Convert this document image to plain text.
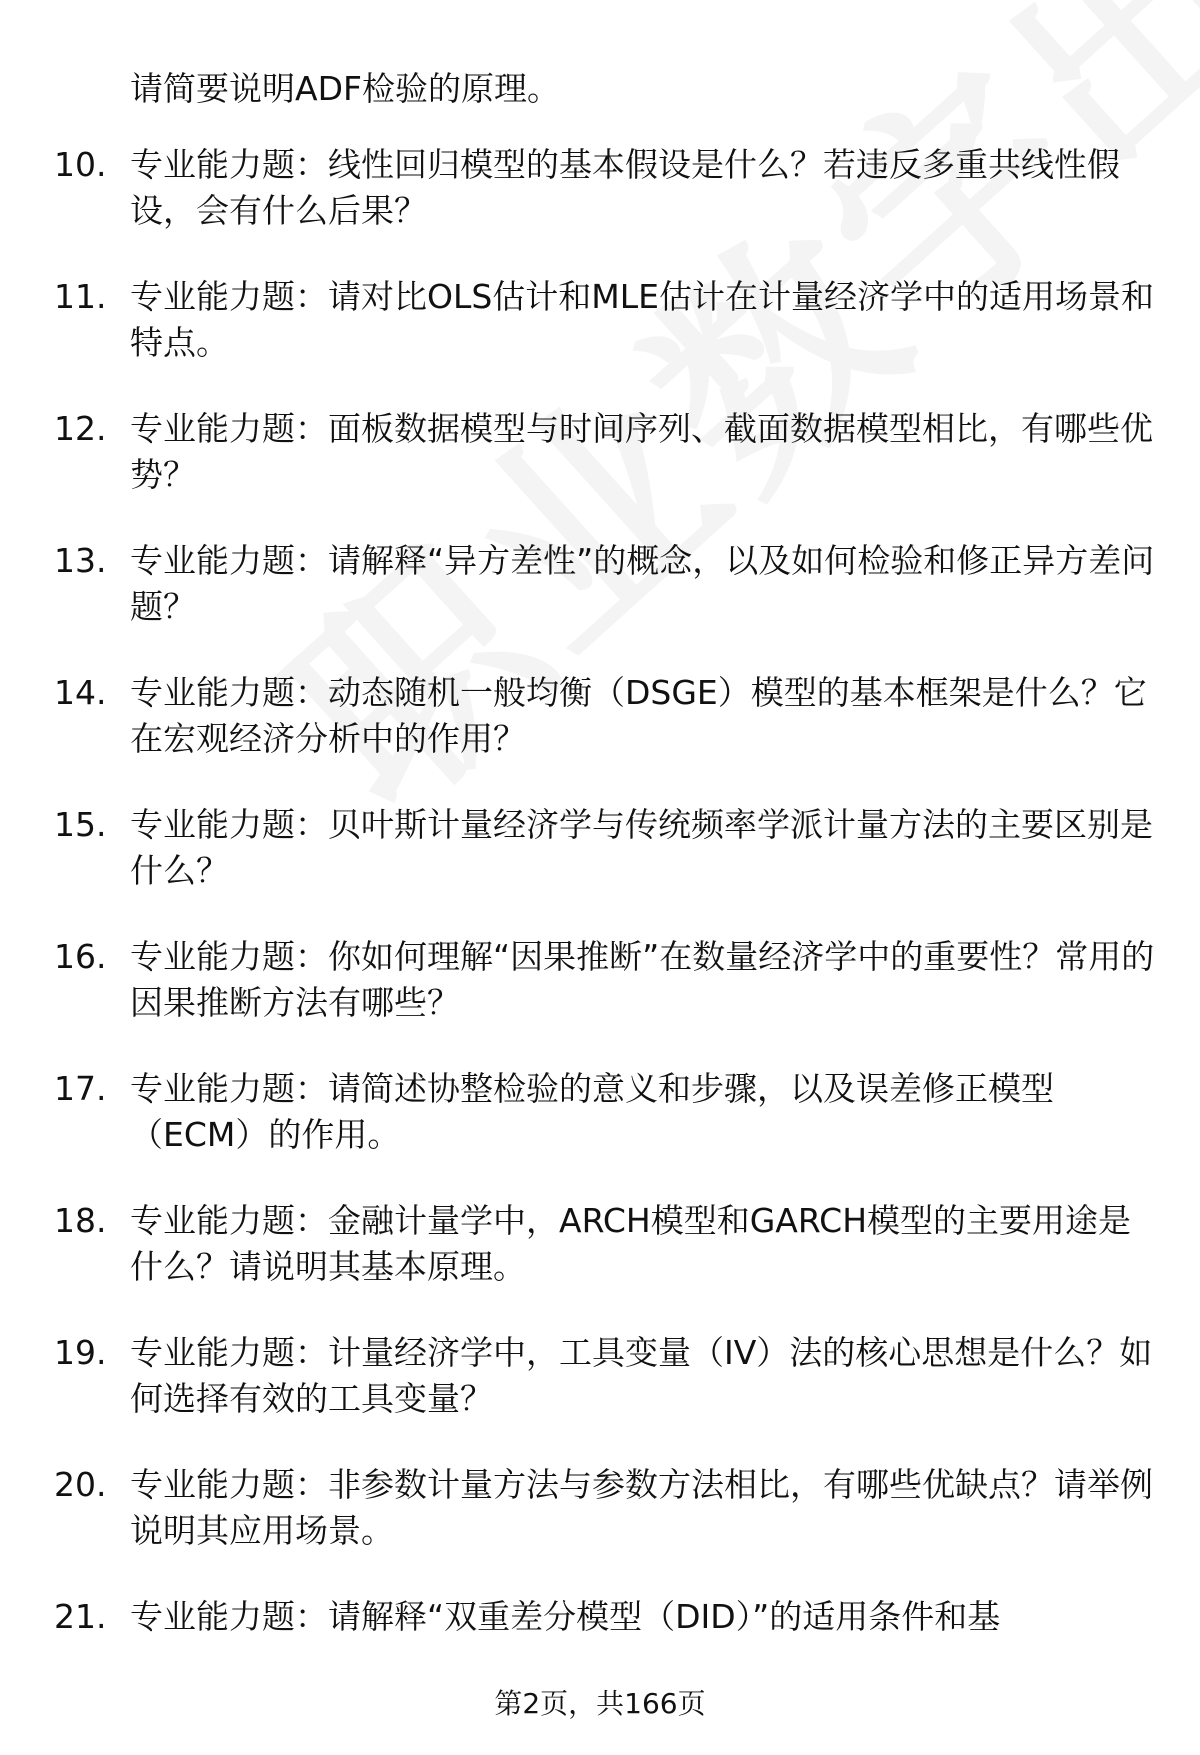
请简要说明ADF检验的原理。
10. 专业能力题：线性回归模型的基本假设是什么？若违反多重共线性假设，会有什么后果？
11. 专业能力题：请对比OLS估计和MLE估计在计量经济学中的适用场景和特点。
12. 专业能力题：面板数据模型与时间序列、截面数据模型相比，有哪些优势？
13. 专业能力题：请解释“异方差性”的概念，以及如何检验和修正异方差问题？
14. 专业能力题：动态随机一般均衡（DSGE）模型的基本框架是什么？它在宏观经济分析中的作用？
15. 专业能力题：贝叶斯计量经济学与传统频率学派计量方法的主要区别是什么？
16. 专业能力题：你如何理解“因果推断”在数量经济学中的重要性？常用的因果推断方法有哪些？
17. 专业能力题：请简述协整检验的意义和步骤，以及误差修正模型（ECM）的作用。
18. 专业能力题：金融计量学中，ARCH模型和GARCH模型的主要用途是什么？请说明其基本原理。
19. 专业能力题：计量经济学中，工具变量（IV）法的核心思想是什么？如何选择有效的工具变量？
20. 专业能力题：非参数计量方法与参数方法相比，有哪些优缺点？请举例说明其应用场景。
21. 专业能力题：请解释“双重差分模型（DID）”的适用条件和基
第2页，共166页
